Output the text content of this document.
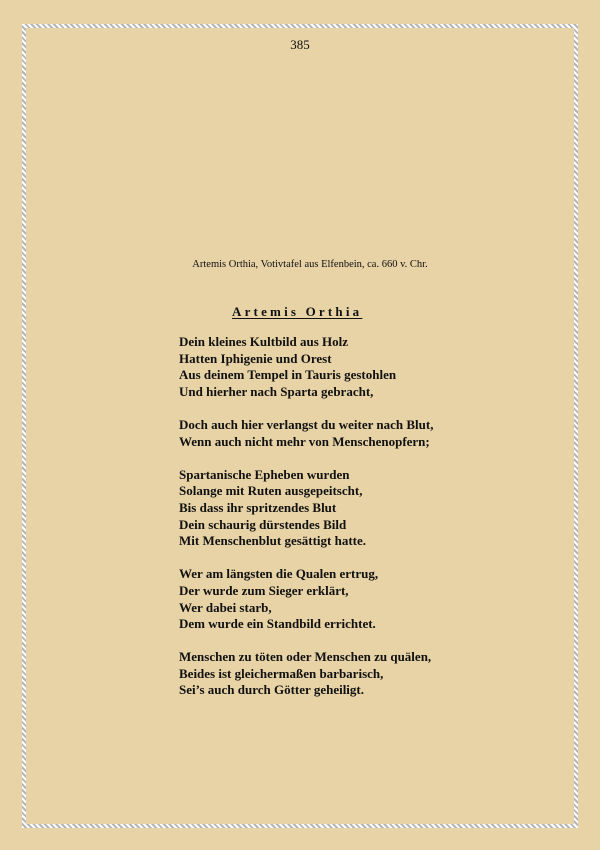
385
Artemis Orthia, Votivtafel aus Elfenbein, ca. 660 v. Chr.
Artemis Orthia
Dein kleines Kultbild aus Holz
Hatten Iphigenie und Orest
Aus deinem Tempel in Tauris gestohlen
Und hierher nach Sparta gebracht,
Doch auch hier verlangst du weiter nach Blut,
Wenn auch nicht mehr von Menschenopfern;
Spartanische Epheben wurden
Solange mit Ruten ausgepeitscht,
Bis dass ihr spritzendes Blut
Dein schaurig dürstendes Bild
Mit Menschenblut gesättigt hatte.
Wer am längsten die Qualen ertrug,
Der wurde zum Sieger erklärt,
Wer dabei starb,
Dem wurde ein Standbild errichtet.
Menschen zu töten oder Menschen zu quälen,
Beides ist gleichermaßen barbarisch,
Sei’s auch durch Götter geheiligt.
